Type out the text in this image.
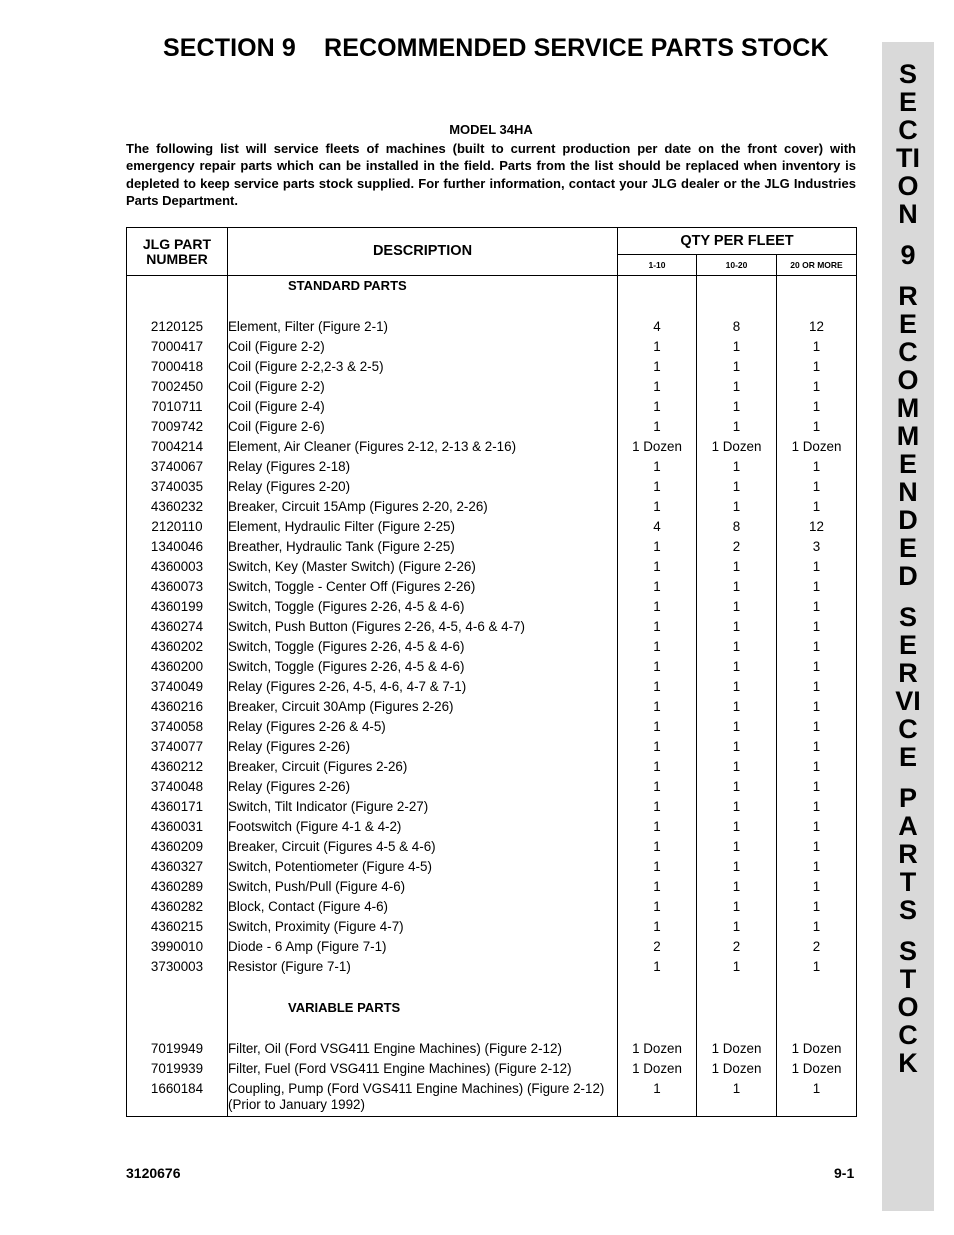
SECTION 9    RECOMMENDED SERVICE PARTS STOCK
SECTION
9
RECOMMENDED
SERVICE
PARTS
STOCK
MODEL 34HA
The following list will service fleets of machines (built to current production per date on the front cover) with emergency repair parts which can be installed in the field. Parts from the list should be replaced when inventory is depleted to keep service parts stock supplied. For further information, contact your JLG dealer or the JLG Industries Parts Department.
JLG PART NUMBER	DESCRIPTION	QTY PER FLEET		
		1-10	10-20	20 OR MORE
	STANDARD PARTS			

2120125	Element, Filter (Figure 2-1)	4	8	12
7000417	Coil (Figure 2-2)	1	1	1
7000418	Coil (Figure 2-2,2-3 & 2-5)	1	1	1
7002450	Coil (Figure 2-2)	1	1	1
7010711	Coil (Figure 2-4)	1	1	1
7009742	Coil (Figure 2-6)	1	1	1
7004214	Element, Air Cleaner (Figures 2-12, 2-13 & 2-16)	1 Dozen	1 Dozen	1 Dozen
3740067	Relay (Figures 2-18)	1	1	1
3740035	Relay (Figures 2-20)	1	1	1
4360232	Breaker, Circuit 15Amp (Figures 2-20, 2-26)	1	1	1
2120110	Element, Hydraulic Filter (Figure 2-25)	4	8	12
1340046	Breather, Hydraulic Tank (Figure 2-25)	1	2	3
4360003	Switch, Key (Master Switch) (Figure 2-26)	1	1	1
4360073	Switch, Toggle - Center Off (Figures 2-26)	1	1	1
4360199	Switch, Toggle (Figures 2-26, 4-5 & 4-6)	1	1	1
4360274	Switch, Push Button (Figures 2-26, 4-5, 4-6 & 4-7)	1	1	1
4360202	Switch, Toggle (Figures 2-26, 4-5 & 4-6)	1	1	1
4360200	Switch, Toggle (Figures 2-26, 4-5 & 4-6)	1	1	1
3740049	Relay (Figures 2-26, 4-5, 4-6, 4-7 & 7-1)	1	1	1
4360216	Breaker, Circuit 30Amp (Figures 2-26)	1	1	1
3740058	Relay (Figures 2-26 & 4-5)	1	1	1
3740077	Relay (Figures 2-26)	1	1	1
4360212	Breaker, Circuit (Figures 2-26)	1	1	1
3740048	Relay (Figures 2-26)	1	1	1
4360171	Switch, Tilt Indicator (Figure 2-27)	1	1	1
4360031	Footswitch (Figure 4-1 & 4-2)	1	1	1
4360209	Breaker, Circuit (Figures 4-5 & 4-6)	1	1	1
4360327	Switch, Potentiometer (Figure 4-5)	1	1	1
4360289	Switch, Push/Pull (Figure 4-6)	1	1	1
4360282	Block, Contact (Figure 4-6)	1	1	1
4360215	Switch, Proximity (Figure 4-7)	1	1	1
3990010	Diode - 6 Amp (Figure 7-1)	2	2	2
3730003	Resistor (Figure 7-1)	1	1	1

	VARIABLE PARTS			

7019949	Filter, Oil (Ford VSG411 Engine Machines) (Figure 2-12)	1 Dozen	1 Dozen	1 Dozen
7019939	Filter, Fuel (Ford VSG411 Engine Machines) (Figure 2-12)	1 Dozen	1 Dozen	1 Dozen
1660184	Coupling, Pump (Ford VGS411 Engine Machines) (Figure 2-12) (Prior to January 1992)	1	1	1
3120676	9-1
